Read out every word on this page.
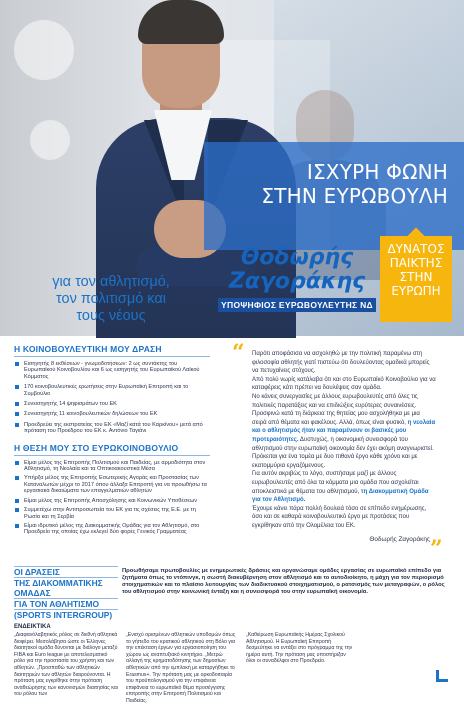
ΙΣΧΥΡΗ ΦΩΝΗ
ΣΤΗΝ ΕΥΡΩΒΟΥΛΗ
για τον αθλητισμό,
τον πολιτισμό και
τους νέους
Θοδωρής
Ζαγοράκης
ΥΠΟΨΗΦΙΟΣ ΕΥΡΩΒΟΥΛΕΥΤΗΣ ΝΔ
ΔΥΝΑΤΟΣ
ΠΑΙΚΤΗΣ
ΣΤΗΝ
ΕΥΡΩΠΗ
Η ΚΟΙΝΟΒΟΥΛΕΥΤΙΚΗ ΜΟΥ ΔΡΑΣΗ
Εισηγητής 8 εκθέσεων - γνωμοδοτήσεων: 2 ως συντάκτης του Ευρωπαϊκού Κοινοβουλίου και 6 ως εισηγητής του Ευρωπαϊκού Λαϊκού Κόμματος
170 κοινοβουλευτικές ερωτήσεις στην Ευρωπαϊκή Επιτροπή και το Συμβούλιο
Συνεισηγητής 14 ψηφισμάτων του ΕΚ
Συνεισηγητής 11 κοινοβουλευτικών δηλώσεων του ΕΚ
Προεδρεύει της εκστρατείας του ΕΚ «Μαζί κατά του Καρκίνου» μετά από πρόταση του Προέδρου του ΕΚ κ. Αντόνιο Ταγιάνι
Η ΘΕΣΗ ΜΟΥ ΣΤΟ ΕΥΡΩΚΟΙΝΟΒΟΥΛΙΟ
Είμαι μέλος της Επιτροπής Πολιτισμού και Παιδείας, με αρμοδιότητα στον Αθλητισμό, τη Νεολαία και τα Οπτικοακουστικά Μέσα
Υπήρξα μέλος της Επιτροπής Εσωτερικής Αγοράς και Προστασίας των Καταναλωτών μέχρι το 2017 όπου άλλαξα Επιτροπή για να προωθήσω τα εργασιακά δικαιώματα των επαγγελματιών αθλητών
Είμαι μέλος της Επιτροπής Αποσχόλησης και Κοινωνικών Υποθέσεων
Συμμετέχω στην Αντιπροσωπεία του ΕΚ για τις σχέσεις της Ε.Ε. με τη Ρωσία και τη Σερβία
Είμαι ιδρυτικό μέλος της Διακομματικής Ομάδας για τον Αθλητισμό, στο Προεδρείο της οποίας έχω εκλεγεί δύο φορές Γενικός Γραμματέας
“ Παρότι αποφάσισα να ασχοληθώ με την πολιτική παραμένω στη φιλοσοφία αθλητής γιατί πιστεύω ότι δουλεύοντας ομαδικά μπορείς να πετυχαίνεις στόχους.

Από πολύ νωρίς κατάλαβα ότι και στο Ευρωπαϊκό Κοινοβούλιο για να καταφέρεις κάτι πρέπει να δουλέψεις σαν ομάδα.

Νο κάνεις συνεργασίες με άλλους ευρωβουλευτές από όλες τις πολιτικές παρατάξεις και να επιδιώξεις ευρύτερες συναινέσεις. Προσφινώ κατά τη διάρκεια της θητείας μου ασχολήθηκα με μια σειρά από θέματα και φακέλους. Αλλά, όπως είναι φυσικό, η νεολαία και ο αθλητισμός ήταν και παραμένουν οι βασικές μου προτεραιότητες. Δυστυχώς, η οικονομική συνεισφορά του αθλητισμού στην ευρωπαϊκή οικονομία δεν έχει ακόμη αναγνωριστεί. Πρόκειται για ένα τομέα με δυο πιθανά έργο κάθε χρόνο και με εκατομμύρια εργαζόμενους.

Για αυτόν ακριβώς το λόγο, συστήσαμε μαζί με άλλους ευρωβουλευτές από όλα τα κόμματα μια ομάδα που ασχολείται αποκλειστικά με θέματα του αθλητισμού, τη Διακομματική Ομάδα για τον Αθλητισμό.

Έχουμε κάνει πάρα πολλή δουλειά τόσο σε επίπεδο ενημέρωσης, όσο και σε καθαρά κοινοβουλευτικό έργο με προτάσεις που εγκρίθηκαν από την Ολομέλεια του ΕΚ.

Θοδωρής Ζαγοράκης ”
ΟΙ ΔΡΑΣΕΙΣ
ΤΗΣ ΔΙΑΚΟΜΜΑΤΙΚΗΣ ΟΜΑΔΑΣ
ΓΙΑ ΤΟΝ ΑΘΛΗΤΙΣΜΟ
(SPORTS INTERGROUP)
Προωθήσαμε πρωτοβουλίες με ενημερωτικές δράσεις και οργανώσαμε ομάδες εργασίας σε ευρωπαϊκό επίπεδο για ζητήματα όπως το ντόπινγκ, η σωστή διακυβέρνηση στον αθλητισμό και το αυτοδιοίκητο, η μάχη για τον περιορισμό στοιχηματικών και το πλαίσιο λειτουργίας των διαδικτυακού στοιχηματισμού, ο ρατσισμός των μεταγραφών, ο ρόλος του αθλητισμού στην κοινωνική ένταξη και η συνεισφορά του στην ευρωπαϊκή οικονομία.
ΕΝΔΕΙΚΤΙΚΑ
„Διαφανόλαβητικός ρόλος σε διεθνή αθλητικά διοφέρει. Μεσολάβησα ώστε οι Έλληνες διαιτητικοί ομάδα δύνονται με διάλογο μεταξύ FIBA και Euro league με αποτελεσματικό ρόλο για την προστασία του χρήστη και των αθλητών. „Προσπαθώ των αθλητικών διαιτητριών των αθλητών διαιρούνονται. Η πρόταση μας εγκρίθηκε στην πρόταση αναθεώρησης των κανονισμών διαιτησίας και του ρόλου των
„Ενισχύ ορισμένων αθλητικών υποδομών όπως το γήπεδο του κρατικού αθλητικού στη Βόλο για την επέκταση έργων για εργασιοποίηση του χώρου ως αναπτυξιακό κινητήριο. „Μετρώ αλλαγή της κρηματοδότησης των δημοσίων αθλητικών από την εμπλοκή με καταργήθηκε το Erasmus+. Την πρόταση μας με ορκοδοιταιρία του προϋπολογισμού για την επιφάνεια επιφάνεια το ευρωπαϊκό θέμα προσέγγισης επιτροπής στην Επιτροπή Πολιτισμού και Παιδείας.
„Καθιέρωση Ευρωπαϊκής Ημέρας Σχολικού Αθλητισμού. Η Ευρωπαϊκή Επιτροπή δεσμεύτηκε να εντάξει στο πρόγραμμα της την ημέρα αυτή. Την πρόταση μας υποστήριξαν όλοι οι συναδέλφοι στο Προεδρείο.
